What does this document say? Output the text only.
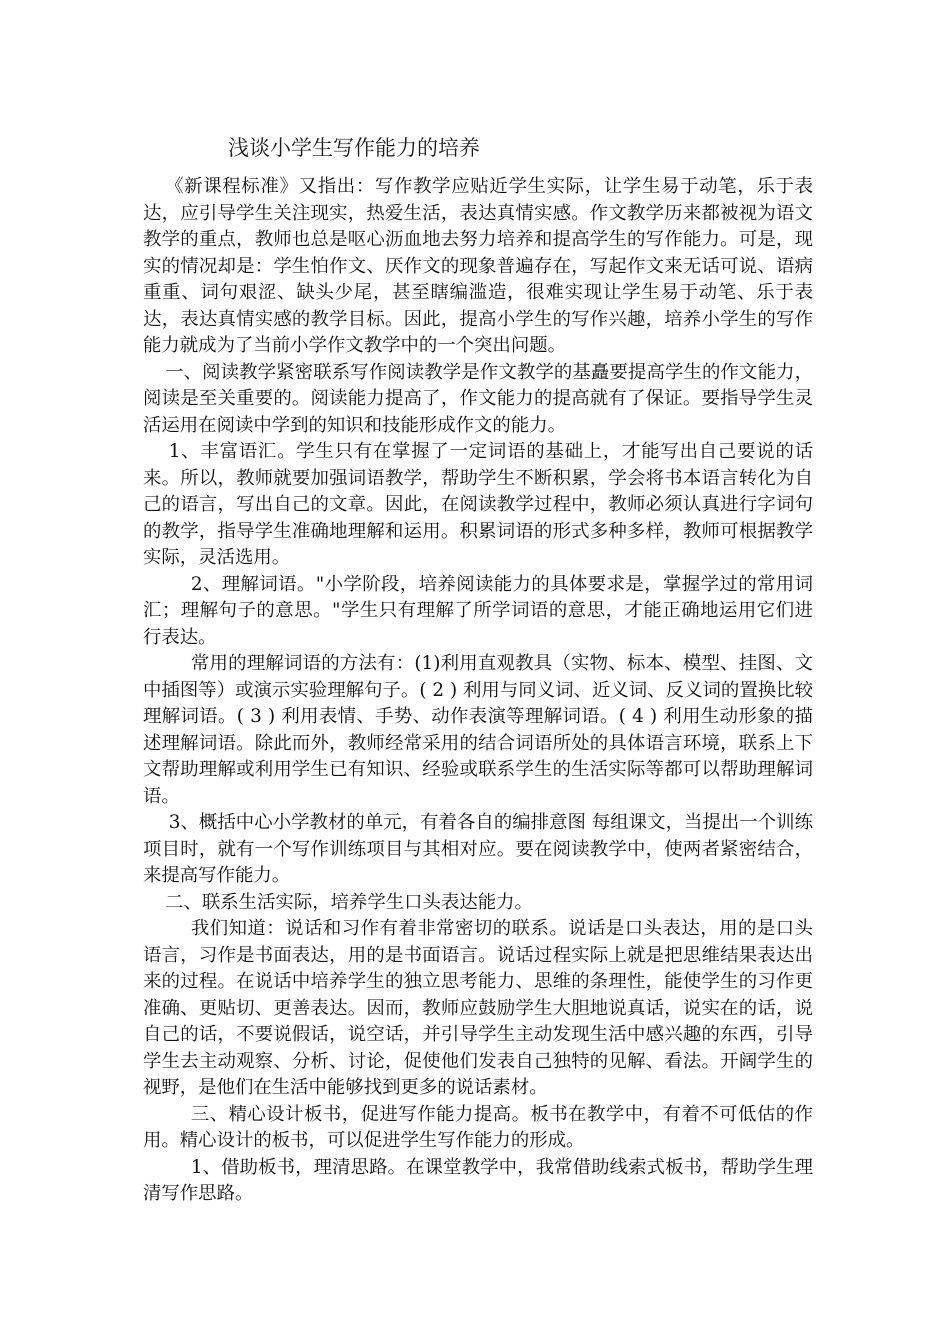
浅谈小学生写作能力的培养

《新课程标准》又指出：写作教学应贴近学生实际，让学生易于动笔，乐于表达，应引导学生关注现实，热爱生活，表达真情实感。作文教学历来都被视为语文教学的重点，教师也总是呕心沥血地去努力培养和提高学生的写作能力。可是，现实的情况却是：学生怕作文、厌作文的现象普遍存在，写起作文来无话可说、语病重重、词句艰涩、缺头少尾，甚至瞎编滥造，很难实现让学生易于动笔、乐于表达，表达真情实感的教学目标。因此，提高小学生的写作兴趣，培养小学生的写作能力就成为了当前小学作文教学中的一个突出问题。

一、阅读教学紧密联系写作阅读教学是作文教学的基矗要提高学生的作文能力，阅读是至关重要的。阅读能力提高了，作文能力的提高就有了保证。要指导学生灵活运用在阅读中学到的知识和技能形成作文的能力。

1、丰富语汇。学生只有在掌握了一定词语的基础上，才能写出自己要说的话来。所以，教师就要加强词语教学，帮助学生不断积累，学会将书本语言转化为自己的语言，写出自己的文章。因此，在阅读教学过程中，教师必须认真进行字词句的教学，指导学生准确地理解和运用。积累词语的形式多种多样，教师可根据教学实际，灵活选用。

2、理解词语。"小学阶段，培养阅读能力的具体要求是，掌握学过的常用词汇；理解句子的意思。"学生只有理解了所学词语的意思，才能正确地运用它们进行表达。

常用的理解词语的方法有：(1)利用直观教具（实物、标本、模型、挂图、文中插图等）或演示实验理解句子。( 2 ) 利用与同义词、近义词、反义词的置换比较理解词语。( 3 ) 利用表情、手势、动作表演等理解词语。( 4 ) 利用生动形象的描述理解词语。除此而外，教师经常采用的结合词语所处的具体语言环境，联系上下文帮助理解或利用学生已有知识、经验或联系学生的生活实际等都可以帮助理解词语。

3、概括中心小学教材的单元，有着各自的编排意图 每组课文，当提出一个训练项目时，就有一个写作训练项目与其相对应。要在阅读教学中，使两者紧密结合，来提高写作能力。

二、联系生活实际，培养学生口头表达能力。

我们知道：说话和习作有着非常密切的联系。说话是口头表达，用的是口头语言，习作是书面表达，用的是书面语言。说话过程实际上就是把思维结果表达出来的过程。在说话中培养学生的独立思考能力、思维的条理性，能使学生的习作更准确、更贴切、更善表达。因而，教师应鼓励学生大胆地说真话，说实在的话，说自己的话，不要说假话，说空话，并引导学生主动发现生活中感兴趣的东西，引导学生去主动观察、分析、讨论，促使他们发表自己独特的见解、看法。开阔学生的视野，是他们在生活中能够找到更多的说话素材。

三、精心设计板书，促进写作能力提高。板书在教学中，有着不可低估的作用。精心设计的板书，可以促进学生写作能力的形成。

1、借助板书，理清思路。在课堂教学中，我常借助线索式板书，帮助学生理清写作思路。
